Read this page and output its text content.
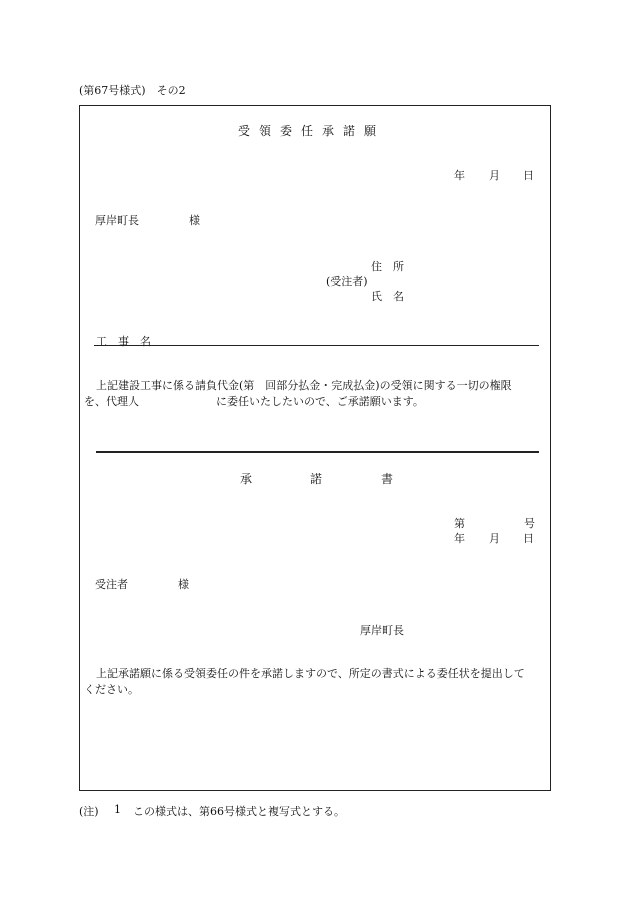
(第67号様式)　その2
受領委任承諾願
年 月 日
厚岸町長	様
住　所
(受注者)
氏　名
工　事　名
上記建設工事に係る請負代金(第　回部分払金・完成払金)の受領に関する一切の権限
を、代理人	に委任いたしたいので、ご承諾願います。
承	諾	書
第	号
年 月 日
受注者	様
厚岸町長
上記承諾願に係る受領委任の件を承諾しますので、所定の書式による委任状を提出して
ください。
(注) 1 この様式は、第66号様式と複写式とする。
